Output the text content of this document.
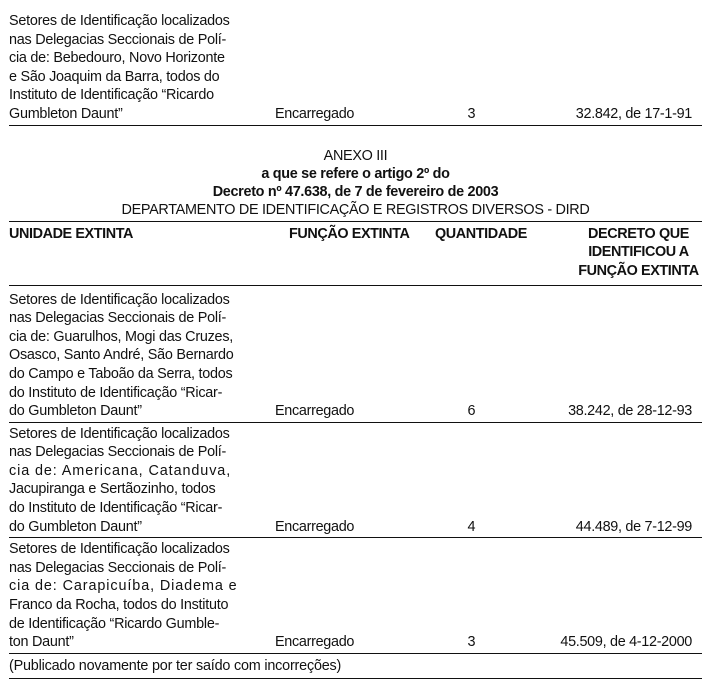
Setores de Identificação localizados
nas Delegacias Seccionais de Polí-
cia de: Bebedouro, Novo Horizonte
e São Joaquim da Barra, todos do
Instituto de Identificação “Ricardo
Gumbleton Daunt”	Encarregado	3	32.842, de 17-1-91
ANEXO III
a que se refere o artigo 2º do
Decreto nº 47.638, de 7 de fevereiro de 2003
DEPARTAMENTO DE IDENTIFICAÇÃO E REGISTROS DIVERSOS - DIRD
UNIDADE EXTINTA	FUNÇÃO EXTINTA	QUANTIDADE	DECRETO QUE
IDENTIFICOU A
FUNÇÃO EXTINTA
Setores de Identificação localizados
nas Delegacias Seccionais de Polí-
cia de: Guarulhos, Mogi das Cruzes,
Osasco, Santo André, São Bernardo
do Campo e Taboão da Serra, todos
do Instituto de Identificação “Ricar-
do Gumbleton Daunt”	Encarregado	6	38.242, de 28-12-93
Setores de Identificação localizados
nas Delegacias Seccionais de Polí-
cia de: Americana, Catanduva,
Jacupiranga e Sertãozinho, todos
do Instituto de Identificação “Ricar-
do Gumbleton Daunt”	Encarregado	4	44.489, de 7-12-99
Setores de Identificação localizados
nas Delegacias Seccionais de Polí-
cia de: Carapicuíba, Diadema e
Franco da Rocha, todos do Instituto
de Identificação “Ricardo Gumble-
ton Daunt”	Encarregado	3	45.509, de 4-12-2000
(Publicado novamente por ter saído com incorreções)
